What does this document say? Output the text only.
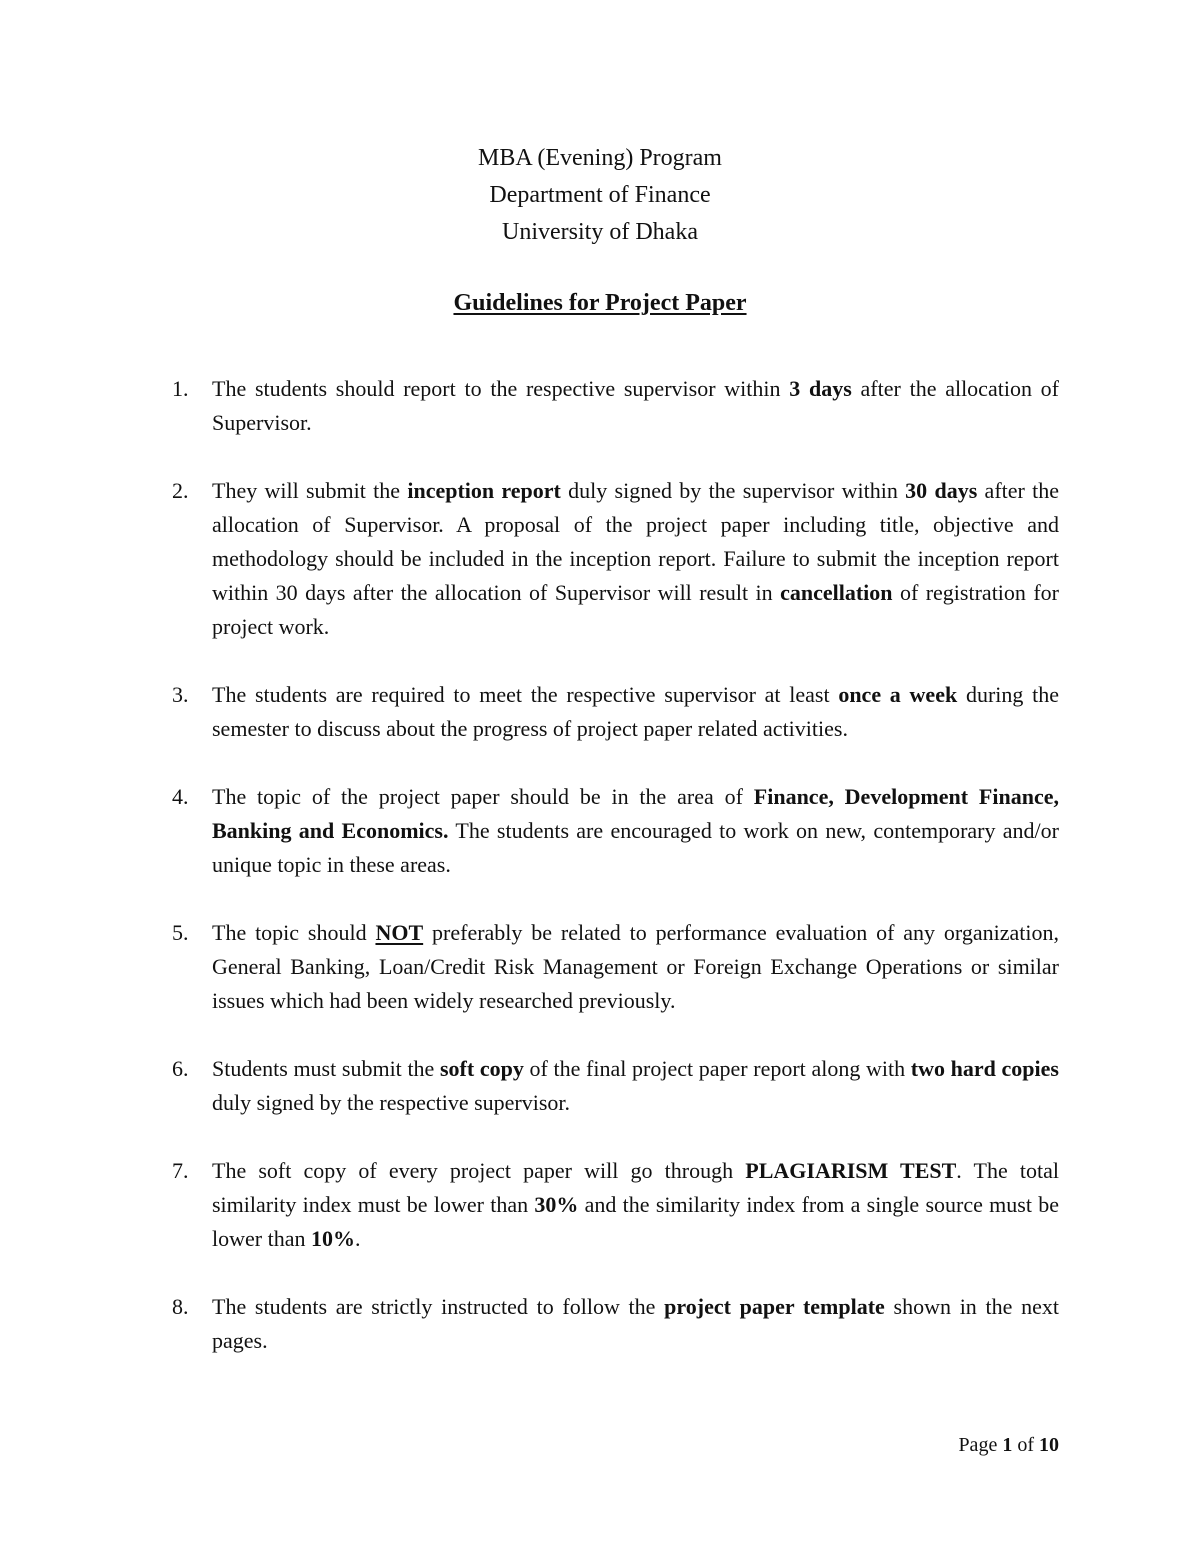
MBA (Evening) Program
Department of Finance
University of Dhaka
Guidelines for Project Paper
1. The students should report to the respective supervisor within 3 days after the allocation of Supervisor.
2. They will submit the inception report duly signed by the supervisor within 30 days after the allocation of Supervisor. A proposal of the project paper including title, objective and methodology should be included in the inception report. Failure to submit the inception report within 30 days after the allocation of Supervisor will result in cancellation of registration for project work.
3. The students are required to meet the respective supervisor at least once a week during the semester to discuss about the progress of project paper related activities.
4. The topic of the project paper should be in the area of Finance, Development Finance, Banking and Economics. The students are encouraged to work on new, contemporary and/or unique topic in these areas.
5. The topic should NOT preferably be related to performance evaluation of any organization, General Banking, Loan/Credit Risk Management or Foreign Exchange Operations or similar issues which had been widely researched previously.
6. Students must submit the soft copy of the final project paper report along with two hard copies duly signed by the respective supervisor.
7. The soft copy of every project paper will go through PLAGIARISM TEST. The total similarity index must be lower than 30% and the similarity index from a single source must be lower than 10%.
8. The students are strictly instructed to follow the project paper template shown in the next pages.
Page 1 of 10
